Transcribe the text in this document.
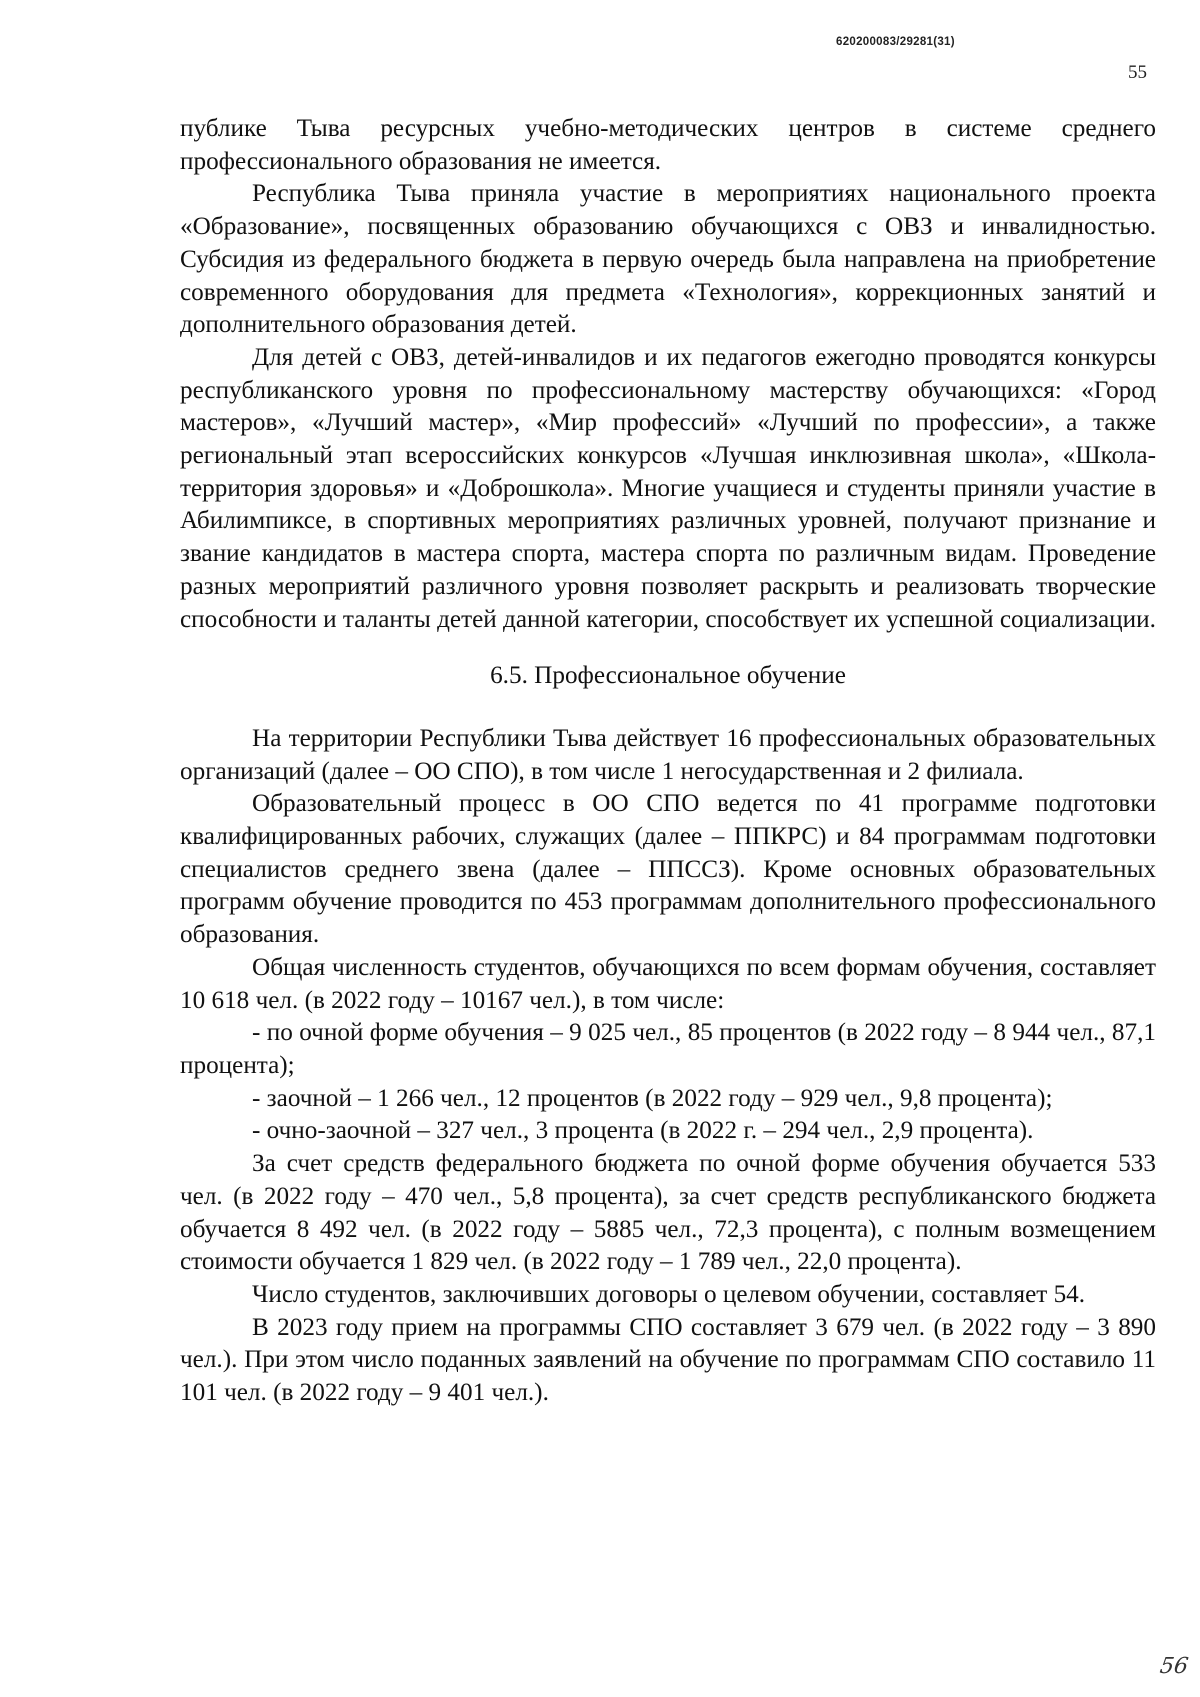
620200083/29281(31)
55

публике Тыва ресурсных учебно-методических центров в системе среднего профессионального образования не имеется.

Республика Тыва приняла участие в мероприятиях национального проекта «Образование», посвященных образованию обучающихся с ОВЗ и инвалидностью. Субсидия из федерального бюджета в первую очередь была направлена на приобретение современного оборудования для предмета «Технология», коррекционных занятий и дополнительного образования детей.

Для детей с ОВЗ, детей-инвалидов и их педагогов ежегодно проводятся конкурсы республиканского уровня по профессиональному мастерству обучающихся: «Город мастеров», «Лучший мастер», «Мир профессий» «Лучший по профессии», а также региональный этап всероссийских конкурсов «Лучшая инклюзивная школа», «Школа-территория здоровья» и «Доброшкола». Многие учащиеся и студенты приняли участие в Абилимпиксе, в спортивных мероприятиях различных уровней, получают признание и звание кандидатов в мастера спорта, мастера спорта по различным видам. Проведение разных мероприятий различного уровня позволяет раскрыть и реализовать творческие способности и таланты детей данной категории, способствует их успешной социализации.

6.5. Профессиональное обучение

На территории Республики Тыва действует 16 профессиональных образовательных организаций (далее – ОО СПО), в том числе 1 негосударственная и 2 филиала.

Образовательный процесс в ОО СПО ведется по 41 программе подготовки квалифицированных рабочих, служащих (далее – ППКРС) и 84 программам подготовки специалистов среднего звена (далее – ППССЗ). Кроме основных образовательных программ обучение проводится по 453 программам дополнительного профессионального образования.

Общая численность студентов, обучающихся по всем формам обучения, составляет 10 618 чел. (в 2022 году – 10167 чел.), в том числе:

- по очной форме обучения – 9 025 чел., 85 процентов (в 2022 году – 8 944 чел., 87,1 процента);

- заочной – 1 266 чел., 12 процентов (в 2022 году – 929 чел., 9,8 процента);

- очно-заочной – 327 чел., 3 процента (в 2022 г. – 294 чел., 2,9 процента).

За счет средств федерального бюджета по очной форме обучения обучается 533 чел. (в 2022 году – 470 чел., 5,8 процента), за счет средств республиканского бюджета обучается 8 492 чел. (в 2022 году – 5885 чел., 72,3 процента), с полным возмещением стоимости обучается 1 829 чел. (в 2022 году – 1 789 чел., 22,0 процента).

Число студентов, заключивших договоры о целевом обучении, составляет 54.

В 2023 году прием на программы СПО составляет 3 679 чел. (в 2022 году – 3 890 чел.). При этом число поданных заявлений на обучение по программам СПО составило 11 101 чел. (в 2022 году – 9 401 чел.).

56
